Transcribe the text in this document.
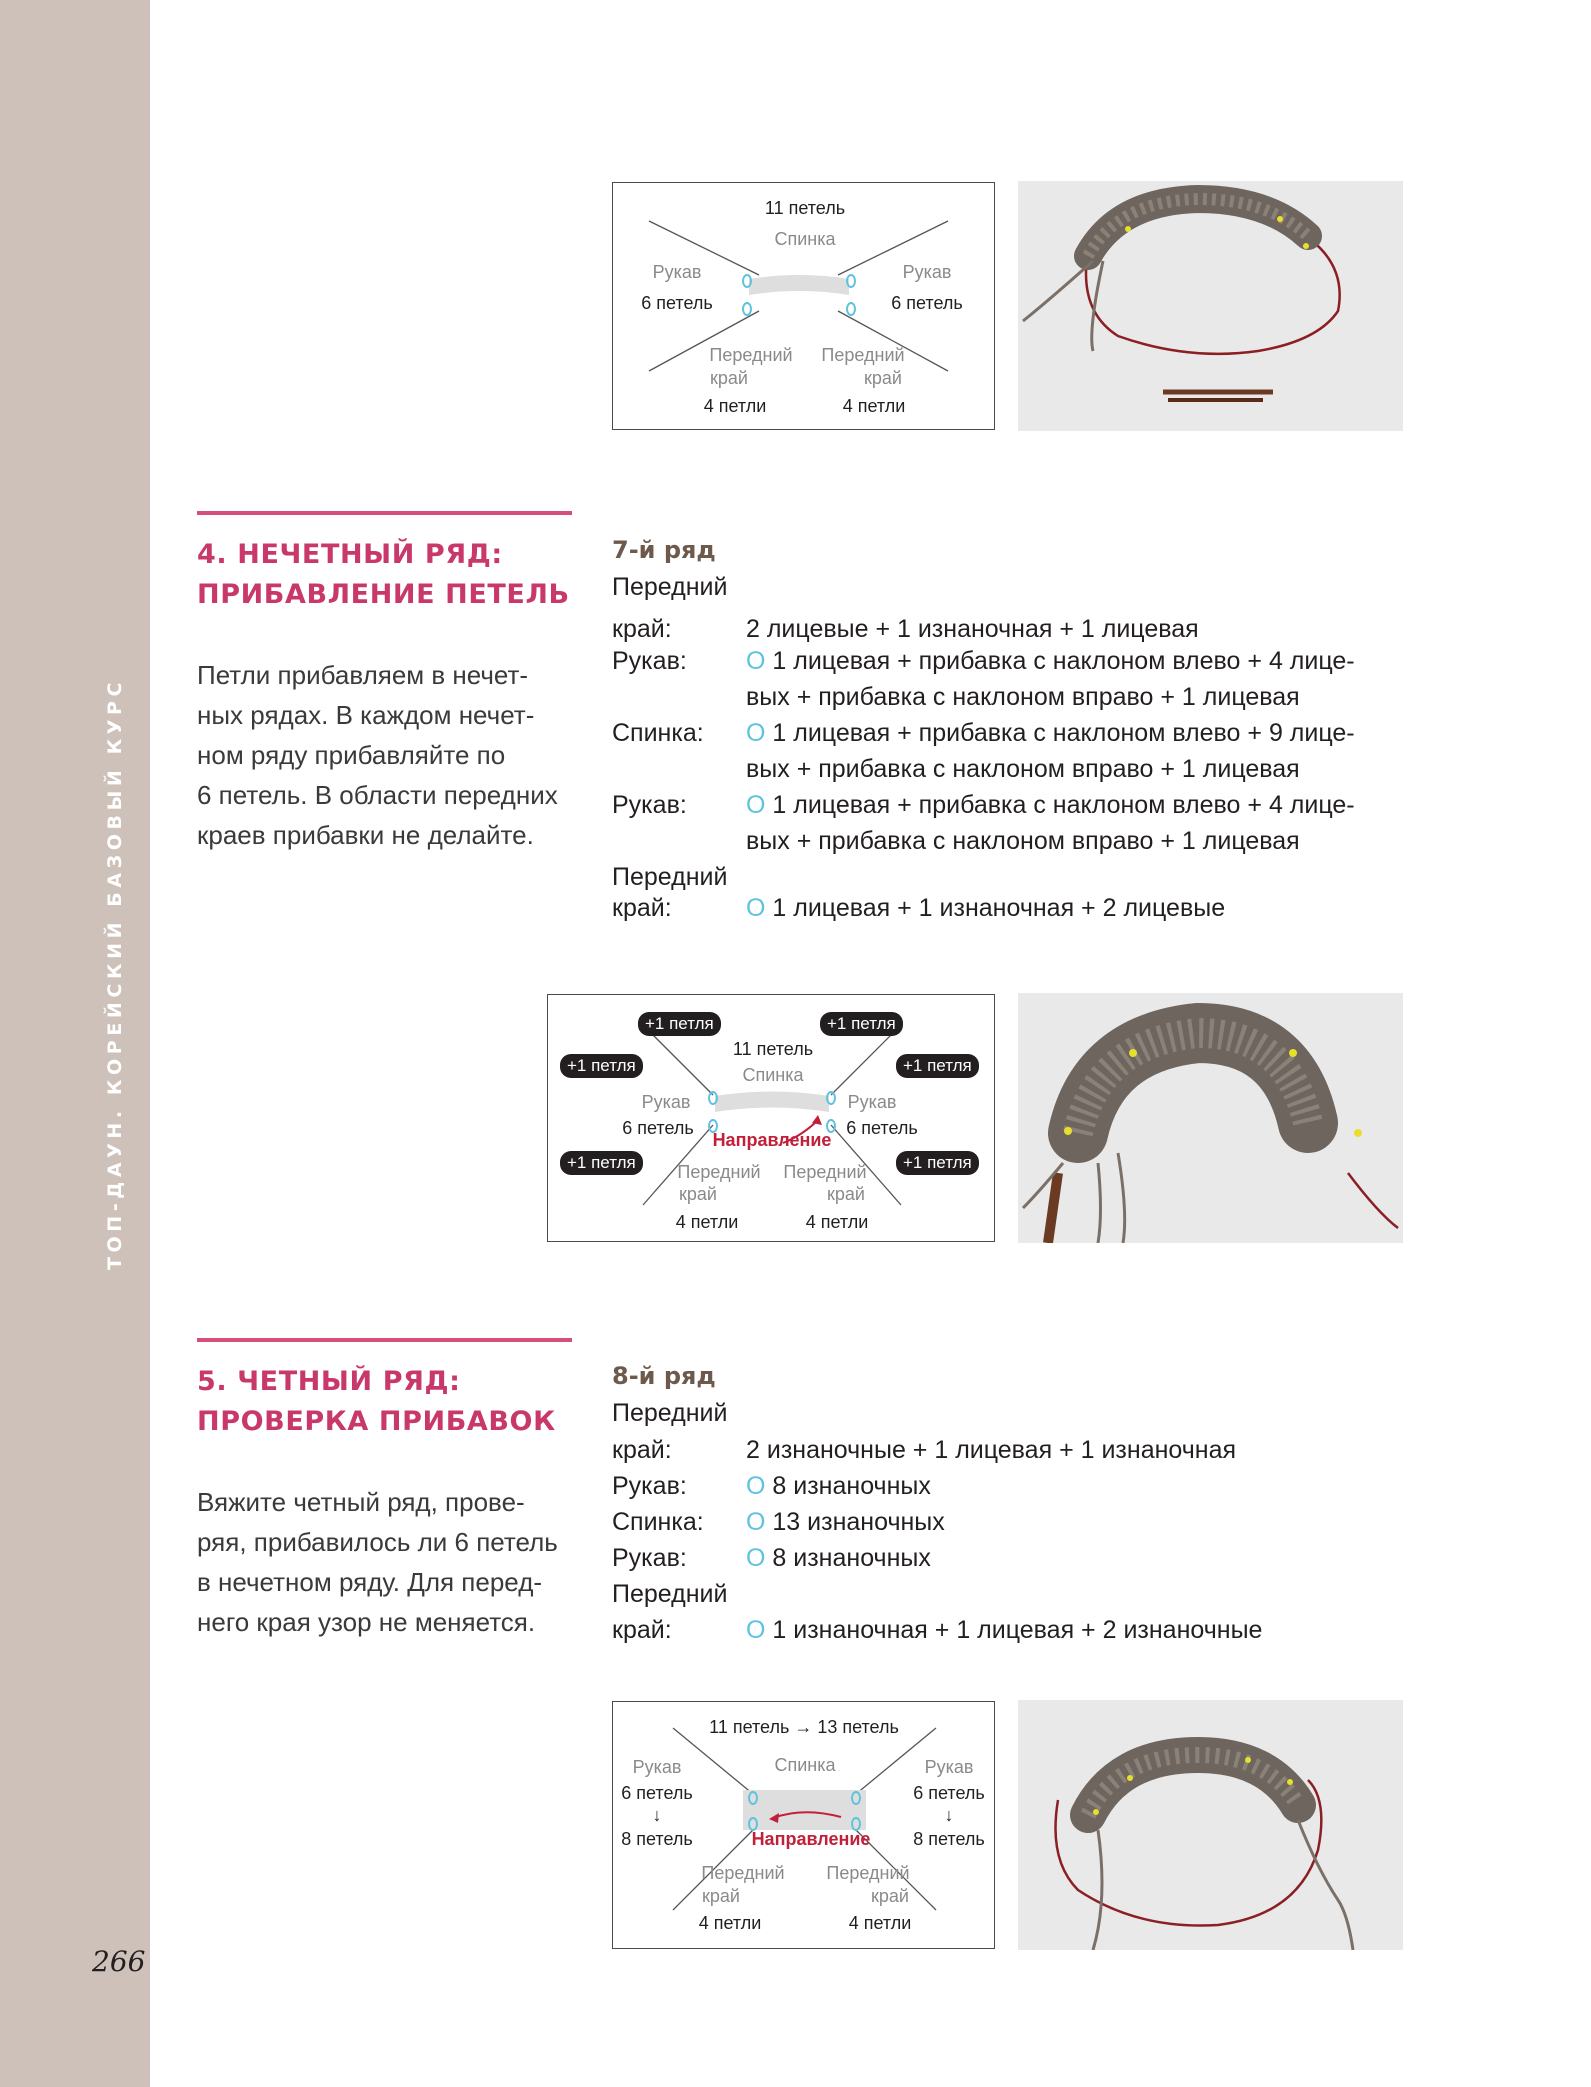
ТОП-ДАУН. КОРЕЙСКИЙ БАЗОВЫЙ КУРС
266
11 петель
Спинка
Рукав
6 петель
Рукав
6 петель
Передний
край
4 петли
Передний
край
4 петли
4. НЕЧЕТНЫЙ РЯД:
ПРИБАВЛЕНИЕ ПЕТЕЛЬ
Петли прибавляем в нечет-
ных рядах. В каждом нечет-
ном ряду прибавляйте по
6 петель. В области передних
краев прибавки не делайте.
7-й ряд
Передний
край:	2 лицевые + 1 изнаночная + 1 лицевая
Рукав: O 1 лицевая + прибавка с наклоном влево + 4 лице-
вых + прибавка с наклоном вправо + 1 лицевая
Спинка: O 1 лицевая + прибавка с наклоном влево + 9 лице-
вых + прибавка с наклоном вправо + 1 лицевая
Рукав: O 1 лицевая + прибавка с наклоном влево + 4 лице-
вых + прибавка с наклоном вправо + 1 лицевая
Передний
край:	O 1 лицевая + 1 изнаночная + 2 лицевые
+1 петля	+1 петля
+1 петля	+1 петля
+1 петля	+1 петля
11 петель
Спинка
Рукав
6 петель
Рукав
6 петель
Направление
Передний
край
4 петли
Передний
край
4 петли
5. ЧЕТНЫЙ РЯД:
ПРОВЕРКА ПРИБАВОК
Вяжите четный ряд, прове-
ряя, прибавилось ли 6 петель
в нечетном ряду. Для перед-
него края узор не меняется.
8-й ряд
Передний
край:	2 изнаночные + 1 лицевая + 1 изнаночная
Рукав: O 8 изнаночных
Спинка: O 13 изнаночных
Рукав: O 8 изнаночных
Передний
край:	O 1 изнаночная + 1 лицевая + 2 изнаночные
11 петель → 13 петель
Спинка
Рукав
6 петель
↓
8 петель
Рукав
6 петель
↓
8 петель
Направление
Передний
край
4 петли
Передний
край
4 петли
